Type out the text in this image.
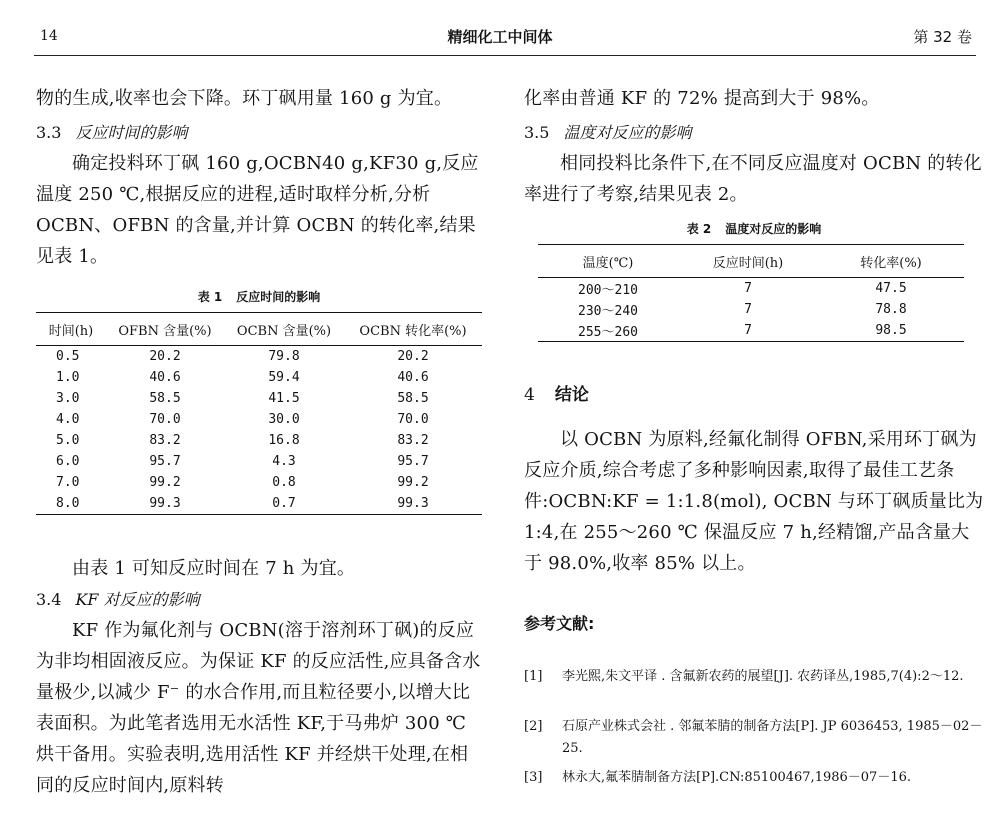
14	精细化工中间体	第 32 卷

物的生成,收率也会下降。环丁砜用量 160 g 为宜。

3.3 反应时间的影响

确定投料环丁砜 160 g,OCBN40 g,KF30 g,反应温度 250 ℃,根据反应的进程,适时取样分析,分析 OCBN、OFBN 的含量,并计算 OCBN 的转化率,结果见表 1。

表 1 反应时间的影响

时间(h)	OFBN 含量(%)	OCBN 含量(%)	OCBN 转化率(%)
0.5	20.2	79.8	20.2
1.0	40.6	59.4	40.6
3.0	58.5	41.5	58.5
4.0	70.0	30.0	70.0
5.0	83.2	16.8	83.2
6.0	95.7	4.3	95.7
7.0	99.2	0.8	99.2
8.0	99.3	0.7	99.3

由表 1 可知反应时间在 7 h 为宜。

3.4 KF 对反应的影响

KF 作为氟化剂与 OCBN(溶于溶剂环丁砜)的反应为非均相固液反应。为保证 KF 的反应活性,应具备含水量极少,以减少 F⁻ 的水合作用,而且粒径要小,以增大比表面积。为此笔者选用无水活性 KF,于马弗炉 300 ℃ 烘干备用。实验表明,选用活性 KF 并经烘干处理,在相同的反应时间内,原料转

化率由普通 KF 的 72% 提高到大于 98%。

3.5 温度对反应的影响

相同投料比条件下,在不同反应温度对 OCBN 的转化率进行了考察,结果见表 2。

表 2 温度对反应的影响

温度(℃)	反应时间(h)	转化率(%)
200～210	7	47.5
230～240	7	78.8
255～260	7	98.5

4 结论

以 OCBN 为原料,经氟化制得 OFBN,采用环丁砜为反应介质,综合考虑了多种影响因素,取得了最佳工艺条件:OCBN:KF = 1:1.8(mol), OCBN 与环丁砜质量比为 1:4,在 255～260 ℃ 保温反应 7 h,经精馏,产品含量大于 98.0%,收率 85% 以上。

参考文献:

[1] 李光熙,朱文平译 . 含氟新农药的展望[J]. 农药译丛,1985,7(4):2～12.

[2] 石原产业株式会社 . 邻氟苯腈的制备方法[P]. JP 6036453, 1985－02－25.

[3] 林永大,氟苯腈制备方法[P].CN:85100467,1986－07－16.
